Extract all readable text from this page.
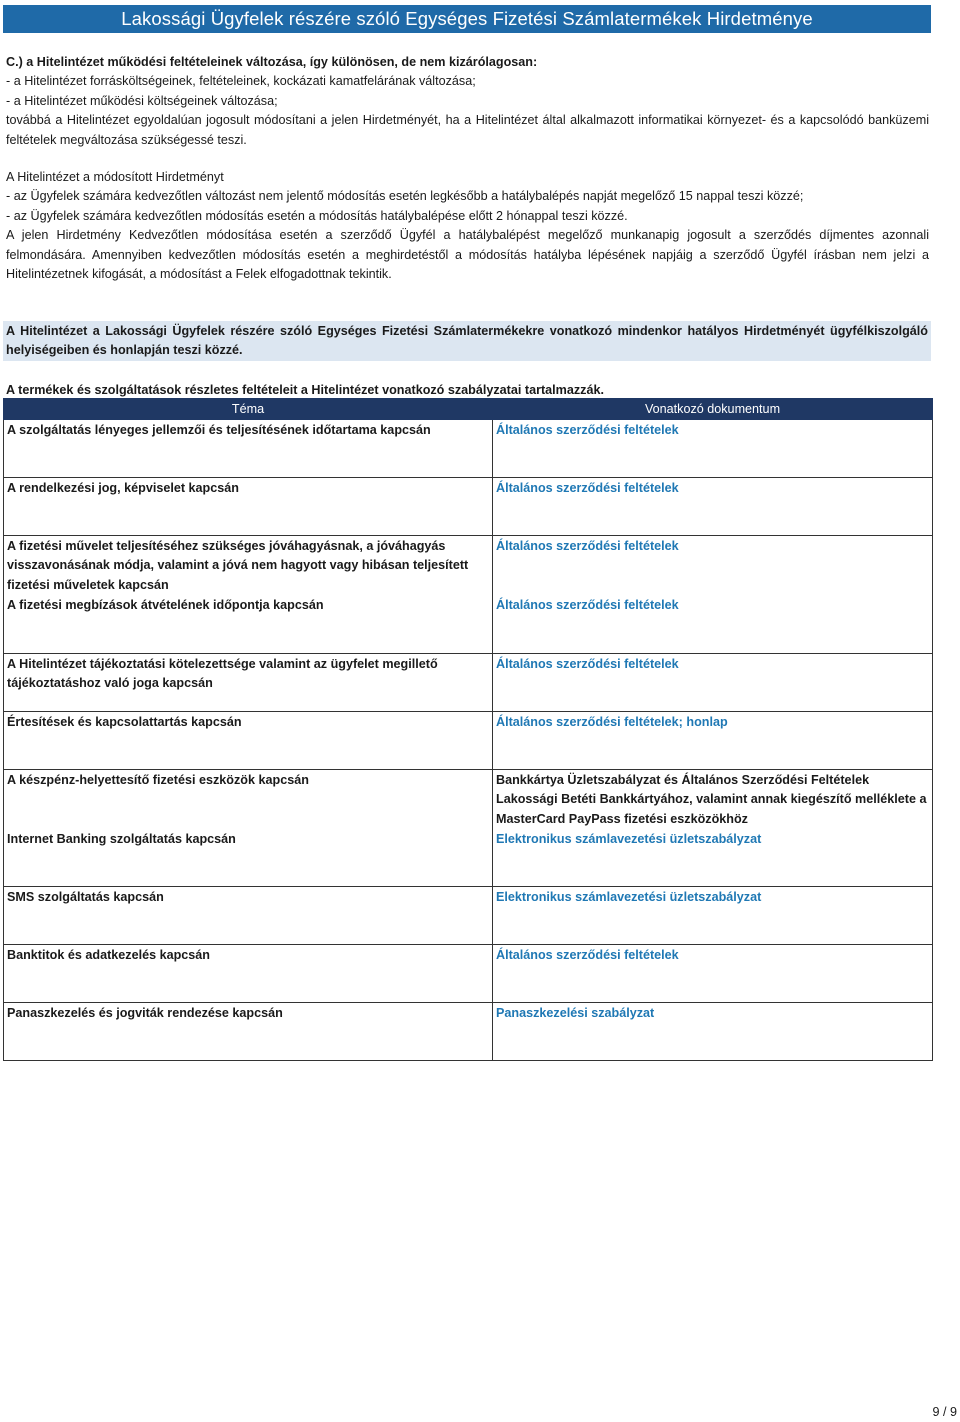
Lakossági Ügyfelek részére szóló Egységes Fizetési Számlatermékek Hirdetménye
C.) a Hitelintézet működési feltételeinek változása, így különösen, de nem kizárólagosan:
- a Hitelintézet forrásköltségeinek, feltételeinek, kockázati kamatfelárának változása;
- a Hitelintézet működési költségeinek változása;
továbbá a Hitelintézet egyoldalúan jogosult módosítani a jelen Hirdetményét, ha a Hitelintézet által alkalmazott informatikai környezet- és a kapcsolódó banküzemi feltételek megváltozása szükségessé teszi.
A Hitelintézet a módosított Hirdetményt
- az Ügyfelek számára kedvezőtlen változást nem jelentő módosítás esetén legkésőbb a hatálybalépés napját megelőző 15 nappal teszi közzé;
- az Ügyfelek számára kedvezőtlen módosítás esetén a módosítás hatálybalépése előtt 2 hónappal teszi közzé.
A jelen Hirdetmény Kedvezőtlen módosítása esetén a szerződő Ügyfél a hatálybalépést megelőző munkanapig jogosult a szerződés díjmentes azonnali felmondására. Amennyiben kedvezőtlen módosítás esetén a meghirdetéstől a módosítás hatályba lépésének napjáig a szerződő Ügyfél írásban nem jelzi a Hitelintézetnek kifogását, a módosítást a Felek elfogadottnak tekintik.
A Hitelintézet a Lakossági Ügyfelek részére szóló Egységes Fizetési Számlatermékekre vonatkozó mindenkor hatályos Hirdetményét ügyfélkiszolgáló helyiségeiben és honlapján teszi közzé.
A termékek és szolgáltatások részletes feltételeit a Hitelintézet vonatkozó szabályzatai tartalmazzák.
Téma	Vonatkozó dokumentum
A szolgáltatás lényeges jellemzői és teljesítésének időtartama kapcsán	Általános szerződési feltételek
A rendelkezési jog, képviselet kapcsán	Általános szerződési feltételek
A fizetési művelet teljesítéséhez szükséges jóváhagyásnak, a jóváhagyás visszavonásának módja, valamint a jóvá nem hagyott vagy hibásan teljesített fizetési műveletek kapcsán	Általános szerződési feltételek
A fizetési megbízások átvételének időpontja kapcsán	Általános szerződési feltételek
A Hitelintézet tájékoztatási kötelezettsége valamint az ügyfelet megillető tájékoztatáshoz való joga kapcsán	Általános szerződési feltételek
Értesítések és kapcsolattartás kapcsán	Általános szerződési feltételek; honlap
A készpénz-helyettesítő fizetési eszközök kapcsán	Bankkártya Üzletszabályzat és Általános Szerződési Feltételek Lakossági Betéti Bankkártyához, valamint annak kiegészítő melléklete a MasterCard PayPass fizetési eszközökhöz
Internet Banking szolgáltatás kapcsán	Elektronikus számlavezetési üzletszabályzat
SMS szolgáltatás kapcsán	Elektronikus számlavezetési üzletszabályzat
Banktitok és adatkezelés kapcsán	Általános szerződési feltételek
Panaszkezelés és jogviták rendezése kapcsán	Panaszkezelési szabályzat
9 / 9
